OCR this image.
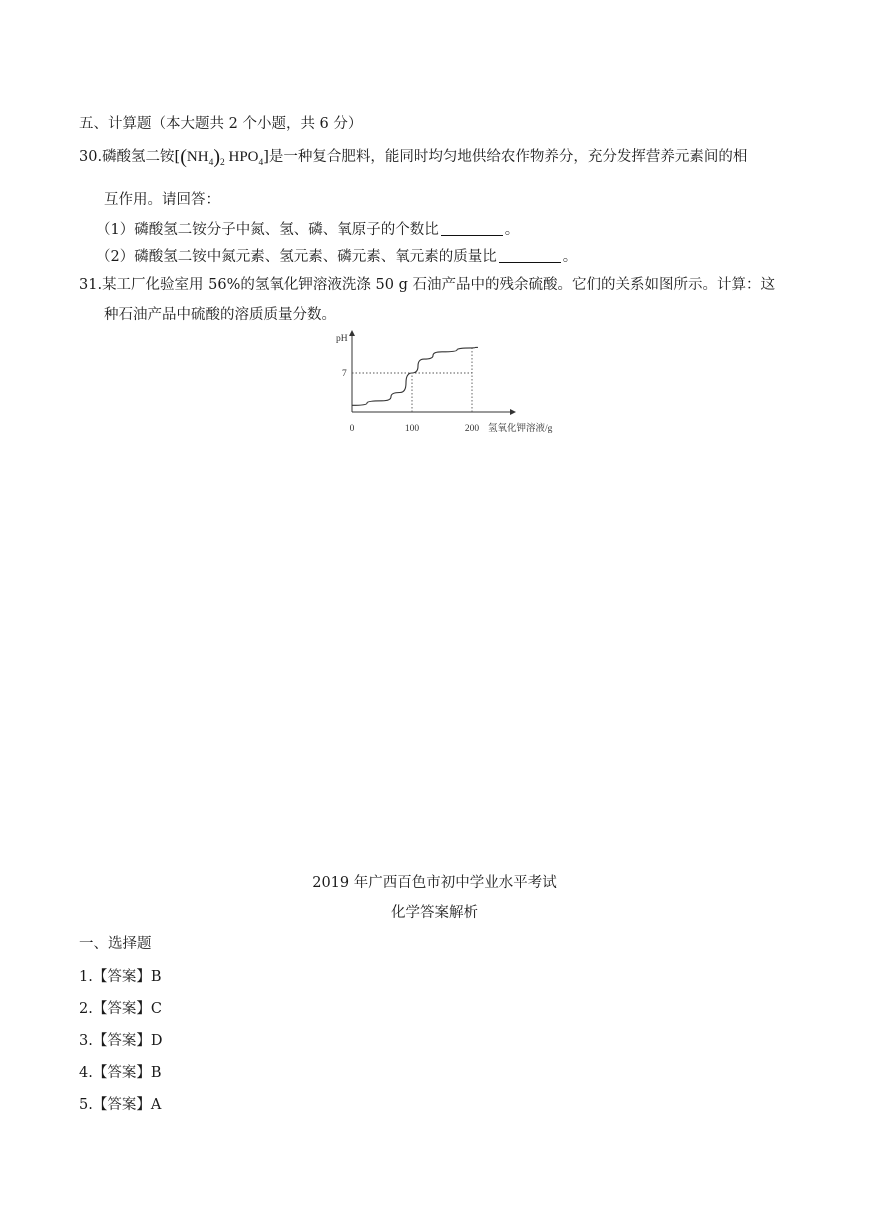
五、计算题（本大题共 2 个小题，共 6 分）
30.磷酸氢二铵[$(NH_4)_2$ $HPO_4$]是一种复合肥料，能同时均匀地供给农作物养分，充分发挥营养元素间的相
互作用。请回答：
（1）磷酸氢二铵分子中氮、氢、磷、氧原子的个数比	。
（2）磷酸氢二铵中氮元素、氢元素、磷元素、氧元素的质量比	。
31.某工厂化验室用 56%的氢氧化钾溶液洗涤 50 g 石油产品中的残余硫酸。它们的关系如图所示。计算：这
种石油产品中硫酸的溶质质量分数。
pH
7
0	100	200 氢氧化钾溶液/g
2019 年广西百色市初中学业水平考试
化学答案解析
一、选择题
1.【答案】B
2.【答案】C
3.【答案】D
4.【答案】B
5.【答案】A
